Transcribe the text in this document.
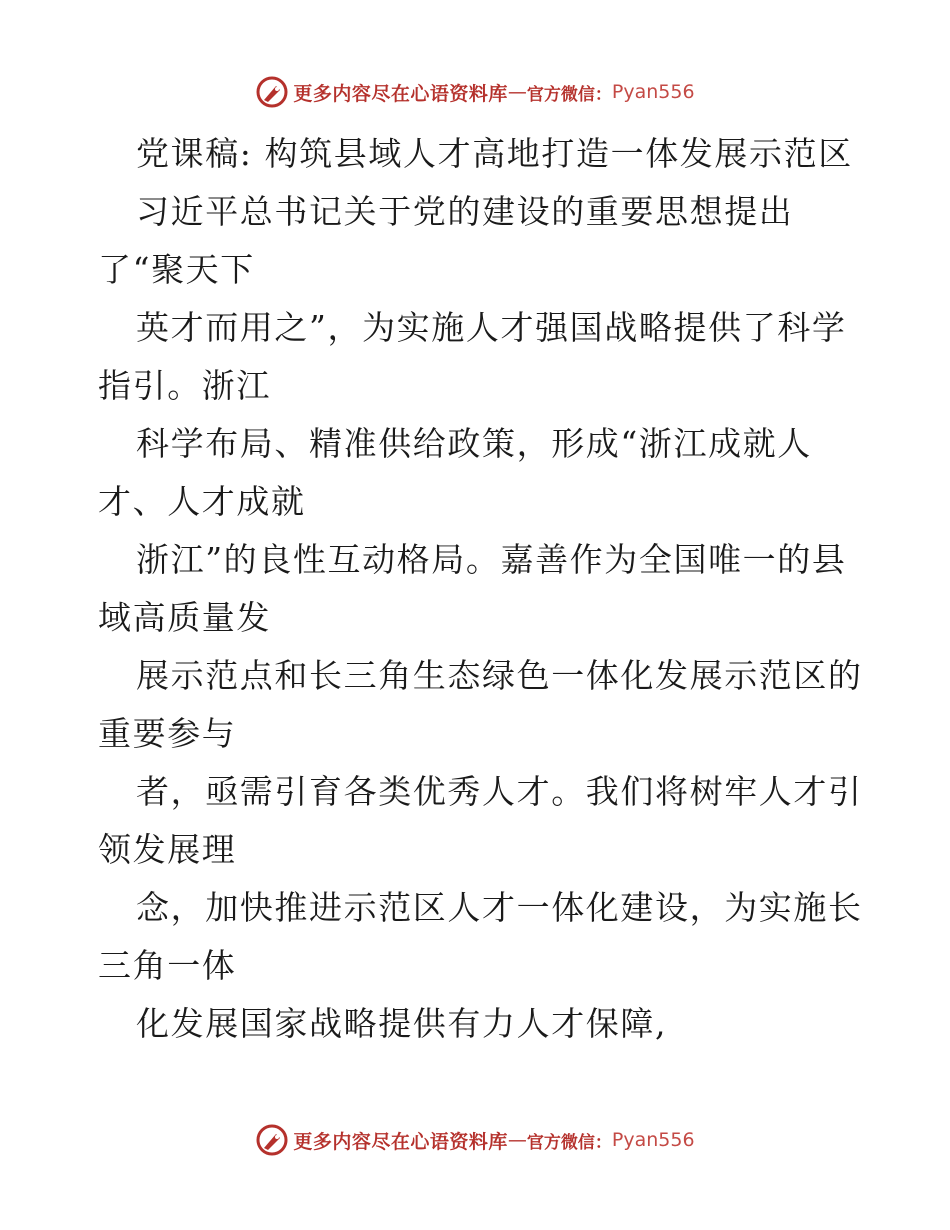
更多内容尽在心语资料库 — 官方微信： Pyan556
党课稿: 构筑县域人才高地打造一体发展示范区
习近平总书记关于党的建设的重要思想提出
了“聚天下
英才而用之”，为实施人才强国战略提供了科学
指引。浙江
科学布局、精准供给政策，形成“浙江成就人
才、人才成就
浙江”的良性互动格局。嘉善作为全国唯一的县
域高质量发
展示范点和长三角生态绿色一体化发展示范区的
重要参与
者，亟需引育各类优秀人才。我们将树牢人才引
领发展理
念，加快推进示范区人才一体化建设，为实施长
三角一体
化发展国家战略提供有力人才保障,
更多内容尽在心语资料库 — 官方微信： Pyan556
